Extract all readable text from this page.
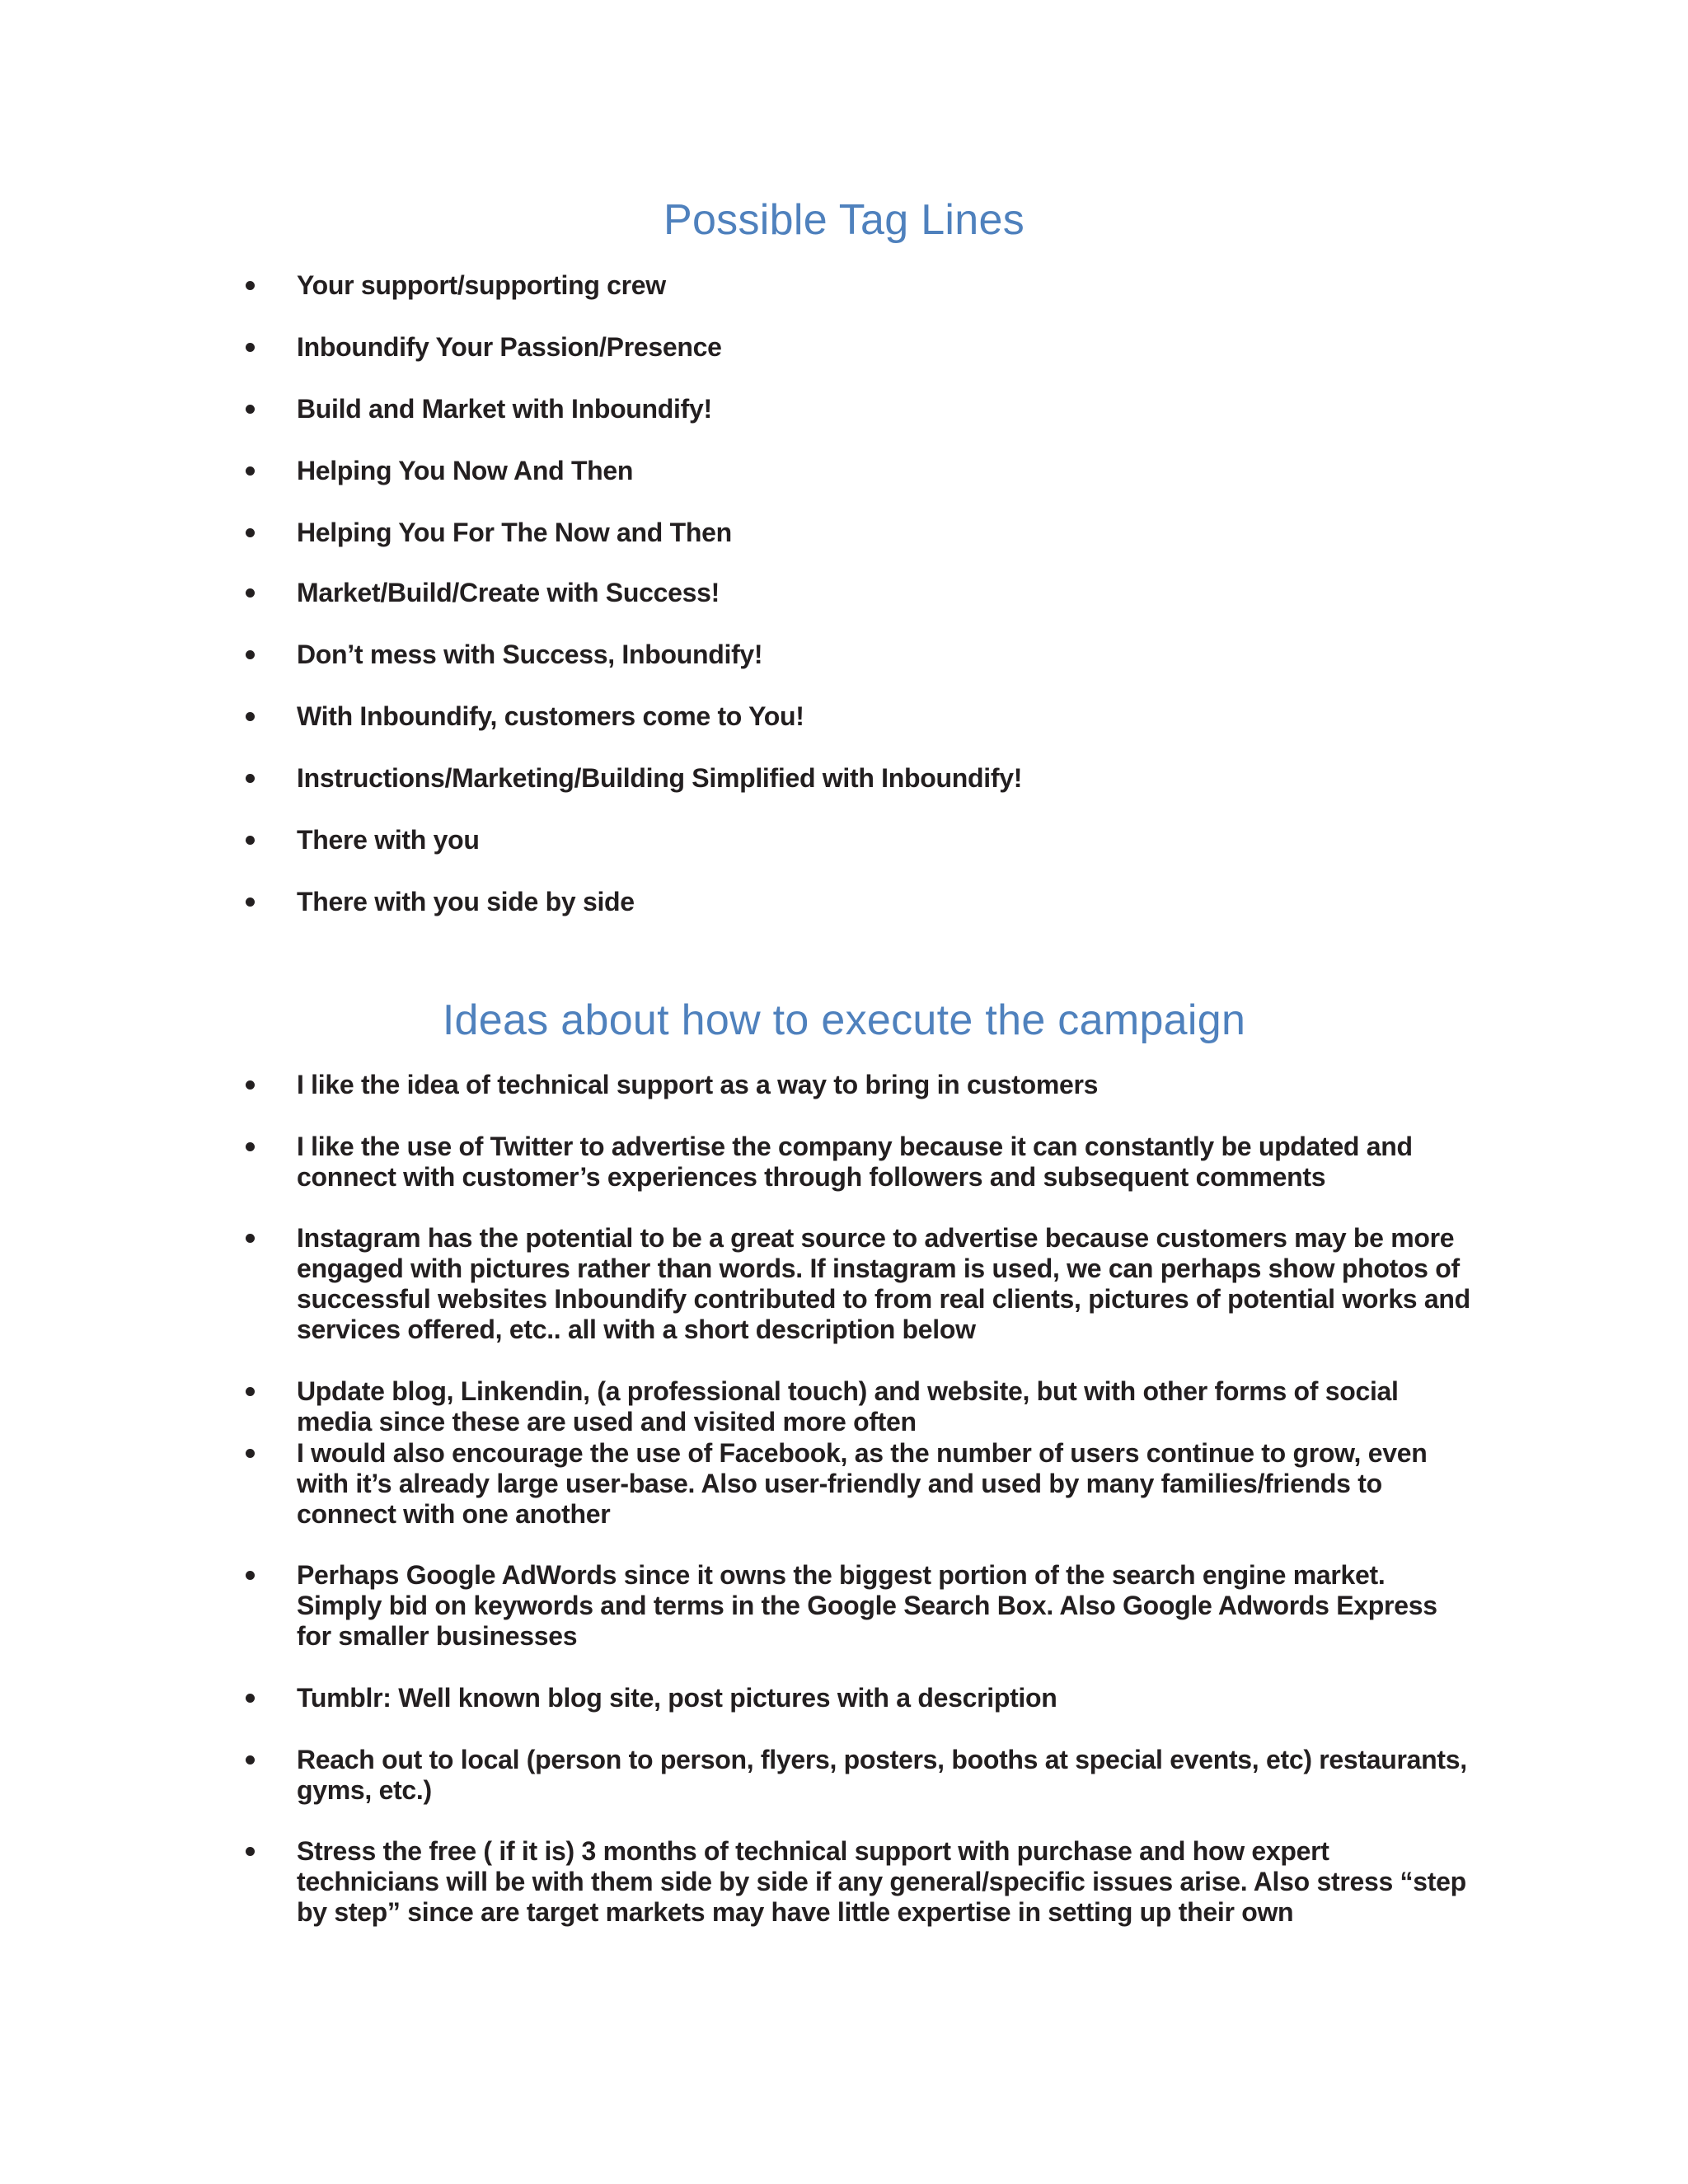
Possible Tag Lines
Your support/supporting crew
Inboundify Your Passion/Presence
Build and Market with Inboundify!
Helping You Now And Then
Helping You For The Now and Then
Market/Build/Create with Success!
Don’t mess with Success, Inboundify!
With Inboundify, customers come to You!
Instructions/Marketing/Building Simplified with Inboundify!
There with you
There with you side by side
Ideas about how to execute the campaign
I like the idea of technical support as a way to bring in customers
I like the use of Twitter to advertise the company because it can constantly be updated and
connect with customer’s experiences through followers and subsequent comments
Instagram has the potential to be a great source to advertise because customers may be more
engaged with pictures rather than words. If instagram is used, we can perhaps show photos of
successful websites Inboundify contributed to from real clients, pictures of potential works and
services offered, etc.. all with a short description below
Update blog, Linkendin, (a professional touch) and website, but with other forms of social
media since these are used and visited more often
I would also encourage the use of Facebook, as the number of users continue to grow, even
with it’s already large user-base. Also user-friendly and used by many families/friends to
connect with one another
Perhaps Google AdWords since it owns the biggest portion of the search engine market.
Simply bid on keywords and terms in the Google Search Box. Also Google Adwords Express
for smaller businesses
Tumblr: Well known blog site, post pictures with a description
Reach out to local (person to person, flyers, posters, booths at special events, etc) restaurants,
gyms, etc.)
Stress the free ( if it is) 3 months of technical support with purchase and how expert
technicians will be with them side by side if any general/specific issues arise. Also stress “step
by step” since are target markets may have little expertise in setting up their own
